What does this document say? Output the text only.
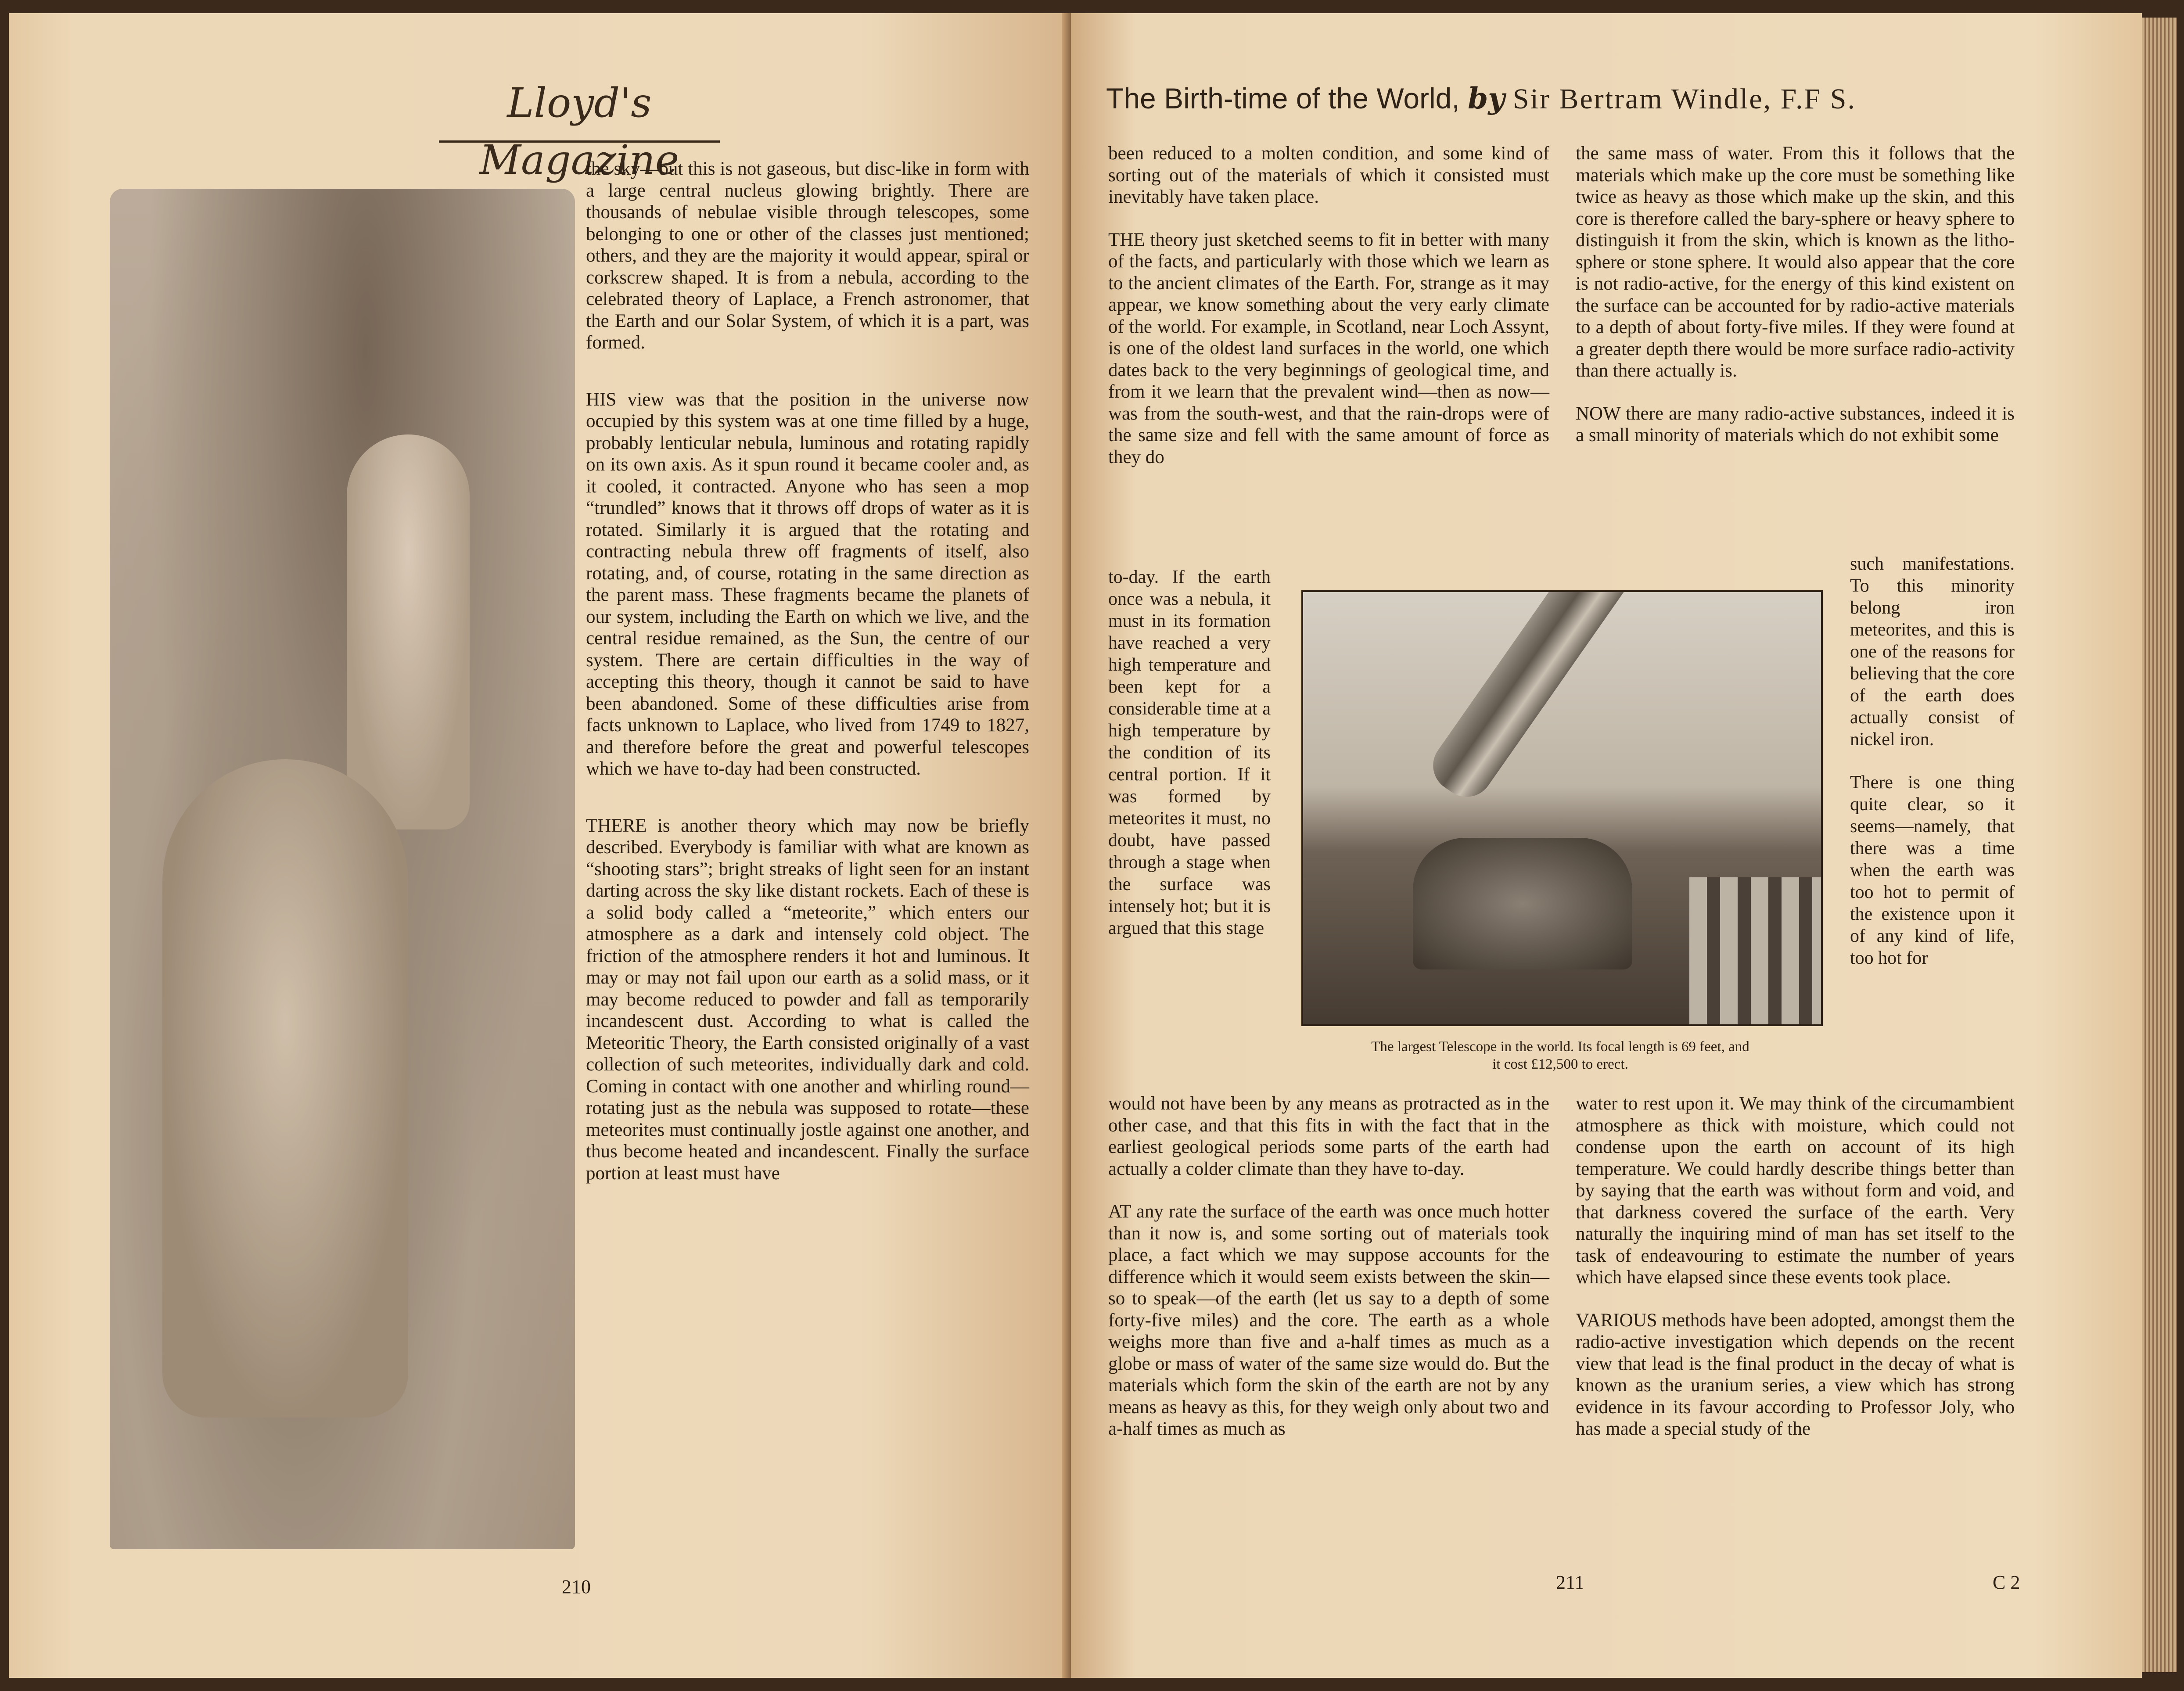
Lloyd's Magazine

the sky—but this is not gaseous, but disc-like in form with a large central nucleus glowing brightly. There are thousands of nebulae visible through telescopes, some belonging to one or other of the classes just mentioned; others, and they are the majority it would appear, spiral or corkscrew shaped. It is from a nebula, according to the celebrated theory of Laplace, a French astronomer, that the Earth and our Solar System, of which it is a part, was formed.

HIS view was that the position in the universe now occupied by this system was at one time filled by a huge, probably lenticular nebula, luminous and rotating rapidly on its own axis. As it spun round it became cooler and, as it cooled, it contracted. Anyone who has seen a mop “trundled” knows that it throws off drops of water as it is rotated. Similarly it is argued that the rotating and contracting nebula threw off fragments of itself, also rotating, and, of course, rotating in the same direction as the parent mass. These fragments became the planets of our system, including the Earth on which we live, and the central residue remained, as the Sun, the centre of our system. There are certain difficulties in the way of accepting this theory, though it cannot be said to have been abandoned. Some of these difficulties arise from facts unknown to Laplace, who lived from 1749 to 1827, and therefore before the great and powerful telescopes which we have to-day had been constructed.

THERE is another theory which may now be briefly described. Everybody is familiar with what are known as “shooting stars”; bright streaks of light seen for an instant darting across the sky like distant rockets. Each of these is a solid body called a “meteorite,” which enters our atmosphere as a dark and intensely cold object. The friction of the atmosphere renders it hot and luminous. It may or may not fail upon our earth as a solid mass, or it may become reduced to powder and fall as temporarily incandescent dust. According to what is called the Meteoritic Theory, the Earth consisted originally of a vast collection of such meteorites, individually dark and cold. Coming in contact with one another and whirling round—rotating just as the nebula was supposed to rotate—these meteorites must continually jostle against one another, and thus become heated and incandescent. Finally the surface portion at least must have

210
The Birth-time of the World, by Sir Bertram Windle, F.F S.

been reduced to a molten condition, and some kind of sorting out of the materials of which it consisted must inevitably have taken place.

THE theory just sketched seems to fit in better with many of the facts, and particularly with those which we learn as to the ancient climates of the Earth. For, strange as it may appear, we know something about the very early climate of the world. For example, in Scotland, near Loch Assynt, is one of the oldest land surfaces in the world, one which dates back to the very beginnings of geological time, and from it we learn that the prevalent wind—then as now—was from the south-west, and that the rain-drops were of the same size and fell with the same amount of force as they do

to-day. If the earth once was a nebula, it must in its formation have reached a very high temperature and been kept for a considerable time at a high temperature by the condition of its central portion. If it was formed by meteorites it must, no doubt, have passed through a stage when the surface was intensely hot; but it is argued that this stage

would not have been by any means as protracted as in the other case, and that this fits in with the fact that in the earliest geological periods some parts of the earth had actually a colder climate than they have to-day.

AT any rate the surface of the earth was once much hotter than it now is, and some sorting out of materials took place, a fact which we may suppose accounts for the difference which it would seem exists between the skin—so to speak—of the earth (let us say to a depth of some forty-five miles) and the core. The earth as a whole weighs more than five and a-half times as much as a globe or mass of water of the same size would do. But the materials which form the skin of the earth are not by any means as heavy as this, for they weigh only about two and a-half times as much as

the same mass of water. From this it follows that the materials which make up the core must be something like twice as heavy as those which make up the skin, and this core is therefore called the bary-sphere or heavy sphere to distinguish it from the skin, which is known as the litho-sphere or stone sphere. It would also appear that the core is not radio-active, for the energy of this kind existent on the surface can be accounted for by radio-active materials to a depth of about forty-five miles. If they were found at a greater depth there would be more surface radio-activity than there actually is.

NOW there are many radio-active substances, indeed it is a small minority of materials which do not exhibit some

such manifestations. To this minority belong iron meteorites, and this is one of the reasons for believing that the core of the earth does actually consist of nickel iron.

There is one thing quite clear, so it seems—namely, that there was a time when the earth was too hot to permit of the existence upon it of any kind of life, too hot for

water to rest upon it. We may think of the circumambient atmosphere as thick with moisture, which could not condense upon the earth on account of its high temperature. We could hardly describe things better than by saying that the earth was without form and void, and that darkness covered the surface of the earth. Very naturally the inquiring mind of man has set itself to the task of endeavouring to estimate the number of years which have elapsed since these events took place.

VARIOUS methods have been adopted, amongst them the radio-active investigation which depends on the recent view that lead is the final product in the decay of what is known as the uranium series, a view which has strong evidence in its favour according to Professor Joly, who has made a special study of the

The largest Telescope in the world. Its focal length is 69 feet, and
it cost £12,500 to erect.
211	C 2
